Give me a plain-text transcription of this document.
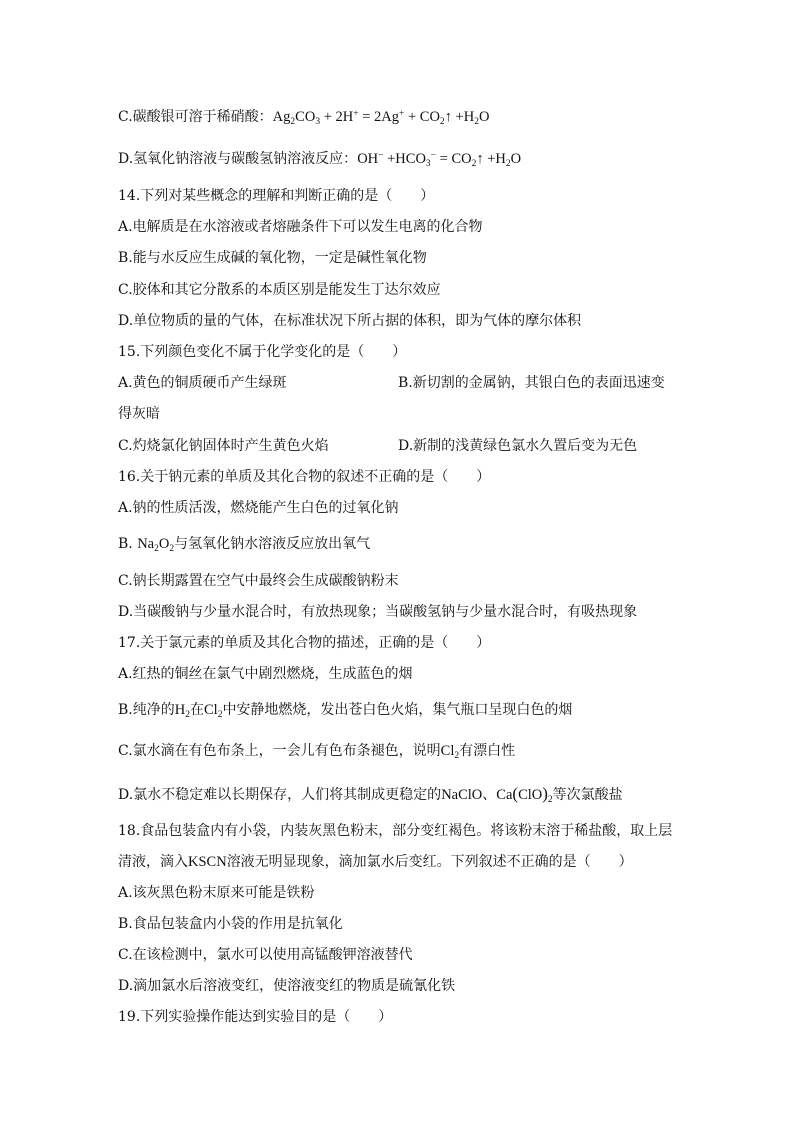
C.碳酸银可溶于稀硝酸：$Ag_2CO_3 + 2H^+ = 2Ag^+$ + $CO_2↑ +H_2O$
D.氢氧化钠溶液与碳酸氢钠溶液反应：$OH^- +HCO_3^-$ = $CO_2↑ +H_2O$
14.下列对某些概念的理解和判断正确的是（　　）
A.电解质是在水溶液或者熔融条件下可以发生电离的化合物
B.能与水反应生成碱的氧化物，一定是碱性氧化物
C.胶体和其它分散系的本质区别是能发生丁达尔效应
D.单位物质的量的气体，在标准状况下所占据的体积，即为气体的摩尔体积
15.下列颜色变化不属于化学变化的是（　　）
A.黄色的铜质硬币产生绿斑	B.新切割的金属钠，其银白色的表面迅速变
得灰暗
C.灼烧氯化钠固体时产生黄色火焰	D.新制的浅黄绿色氯水久置后变为无色
16.关于钠元素的单质及其化合物的叙述不正确的是（　　）
A.钠的性质活泼，燃烧能产生白色的过氧化钠
B. $Na_2O_2$与氢氧化钠水溶液反应放出氧气
C.钠长期露置在空气中最终会生成碳酸钠粉末
D.当碳酸钠与少量水混合时，有放热现象；当碳酸氢钠与少量水混合时，有吸热现象
17.关于氯元素的单质及其化合物的描述，正确的是（　　）
A.红热的铜丝在氯气中剧烈燃烧，生成蓝色的烟
B.纯净的$H_2$在$Cl_2$中安静地燃烧，发出苍白色火焰，集气瓶口呈现白色的烟
C.氯水滴在有色布条上，一会儿有色布条褪色，说明$Cl_2$有漂白性
D.氯水不稳定难以长期保存，人们将其制成更稳定的NaClO、$Ca(ClO)_2$等次氯酸盐
18.食品包装盒内有小袋，内装灰黑色粉末，部分变红褐色。将该粉末溶于稀盐酸，取上层
清液，滴入KSCN溶液无明显现象，滴加氯水后变红。下列叙述不正确的是（　　）
A.该灰黑色粉末原来可能是铁粉
B.食品包装盒内小袋的作用是抗氧化
C.在该检测中，氯水可以使用高锰酸钾溶液替代
D.滴加氯水后溶液变红，使溶液变红的物质是硫氰化铁
19.下列实验操作能达到实验目的是（　　）
